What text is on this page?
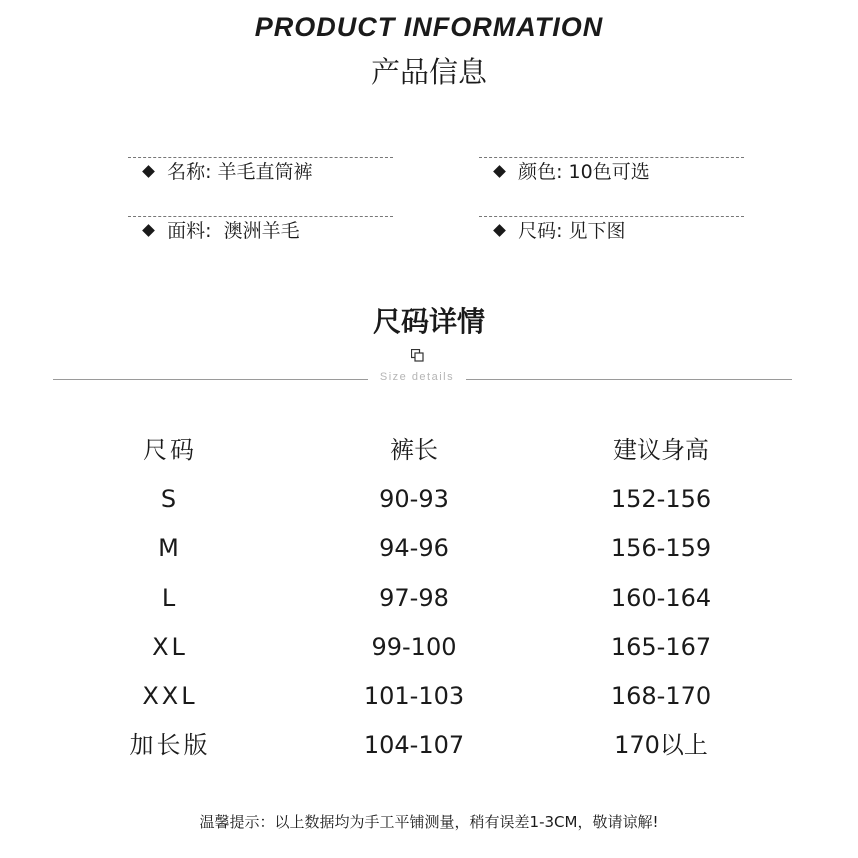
PRODUCT INFORMATION
产品信息

名称: 羊毛直筒裤	颜色: 10色可选

面料:  澳洲羊毛	尺码: 见下图

尺码详情
Size details
尺码	裤长	建议身高
S	90-93	152-156
M	94-96	156-159
L	97-98	160-164
XL	99-100	165-167
XXL	101-103	168-170
加长版	104-107	170以上
温馨提示：以上数据均为手工平铺测量，稍有误差1-3CM，敬请谅解!
